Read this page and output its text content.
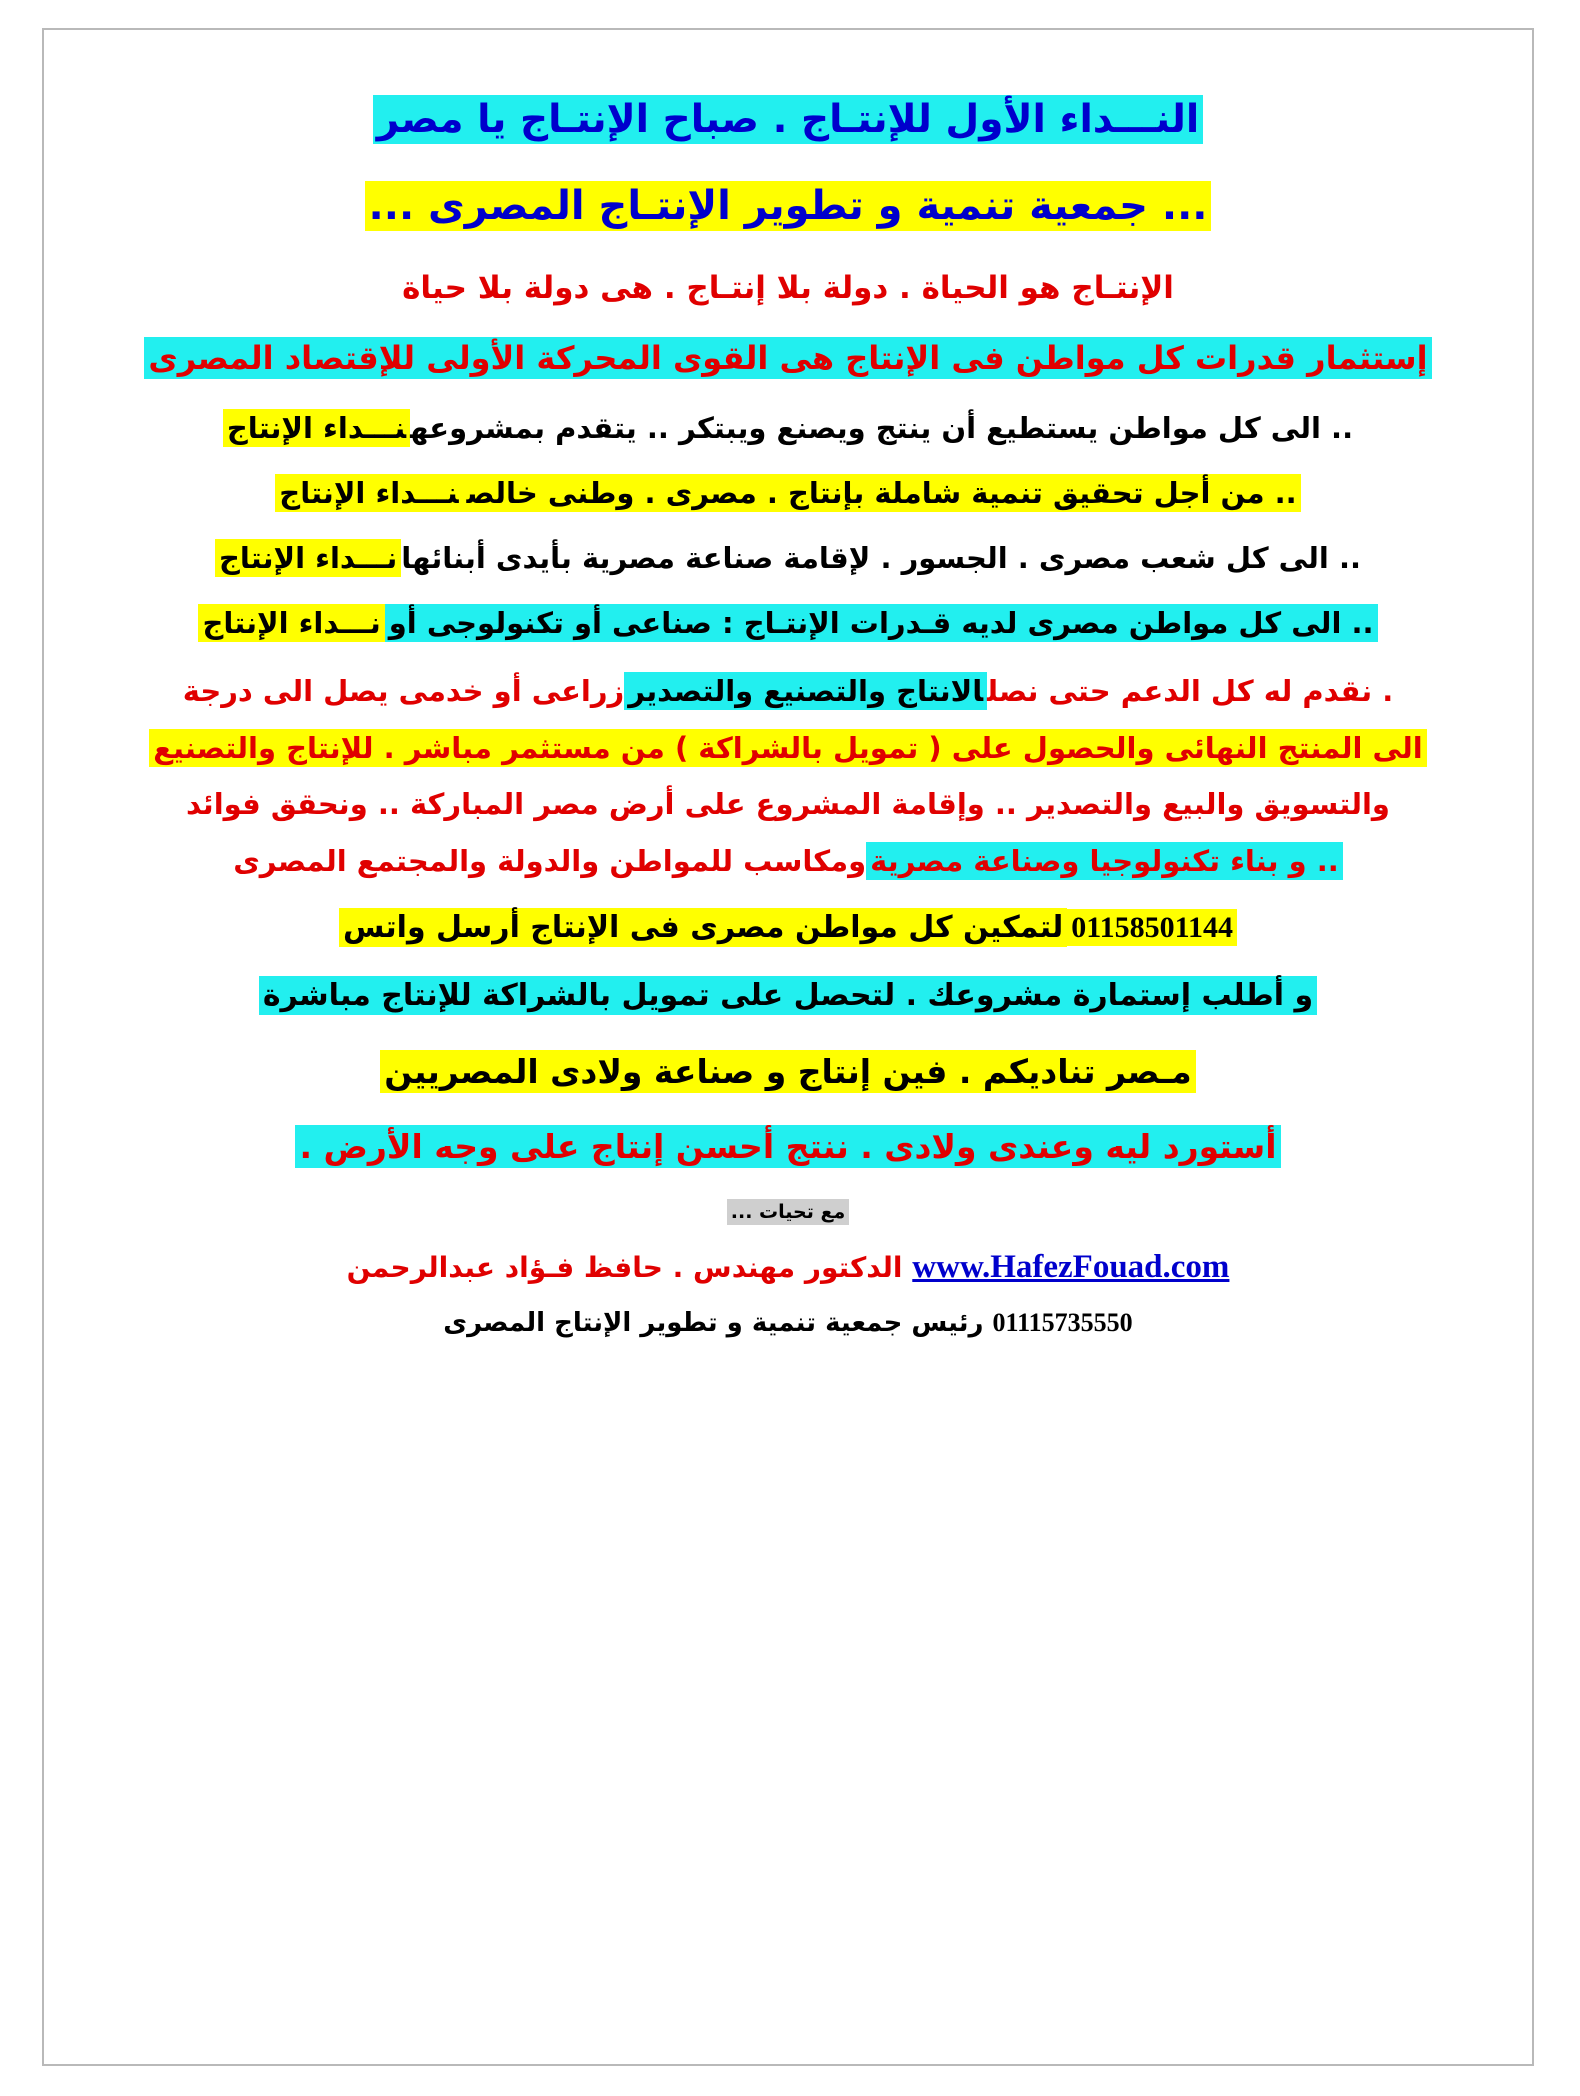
النـــداء الأول للإنتـاج . صباح الإنتـاج يا مصر
... جمعية تنمية و تطوير الإنتـاج المصرى ...
الإنتـاج هو الحياة . دولة بلا إنتـاج . هى دولة بلا حياة
إستثمار قدرات كل مواطن فى الإنتاج هى القوى المحركة الأولى للإقتصاد المصرى
.. الى كل مواطن يستطيع أن ينتج ويصنع ويبتكر .. يتقدم بمشروعهنـــداء الإنتاج
.. من أجل تحقيق تنمية شاملة بإنتاج . مصرى . وطنى خالصنـــداء الإنتاج
.. الى كل شعب مصرى . الجسور . لإقامة صناعة مصرية بأيدى أبنائهانـــداء الإنتاج
.. الى كل مواطن مصرى لديه قـدرات الإنتـاج : صناعى أو تكنولوجى أونـــداء الإنتاج
. نقدم له كل الدعم حتى نصلالانتاج والتصنيع والتصديرزراعى أو خدمى يصل الى درجة
الى المنتج النهائى والحصول على ( تمويل بالشراكة ) من مستثمر مباشر . للإنتاج والتصنيع
والتسويق والبيع والتصدير .. وإقامة المشروع على أرض مصر المباركة .. ونحقق فوائد
.. و بناء تكنولوجيا وصناعة مصريةومكاسب للمواطن والدولة والمجتمع المصرى
01158501144لتمكين كل مواطن مصرى فى الإنتاج أرسل واتس
و أطلب إستمارة مشروعك . لتحصل على تمويل بالشراكة للإنتاج مباشرة
مـصر تناديكم . فين إنتاج و صناعة ولادى المصريين
أستورد ليه وعندى ولادى . ننتج أحسن إنتاج على وجه الأرض .
مع تحيات ...
www.HafezFouad.com الدكتور مهندس . حافظ فـؤاد عبدالرحمن
01115735550 رئيس جمعية تنمية و تطوير الإنتاج المصرى
